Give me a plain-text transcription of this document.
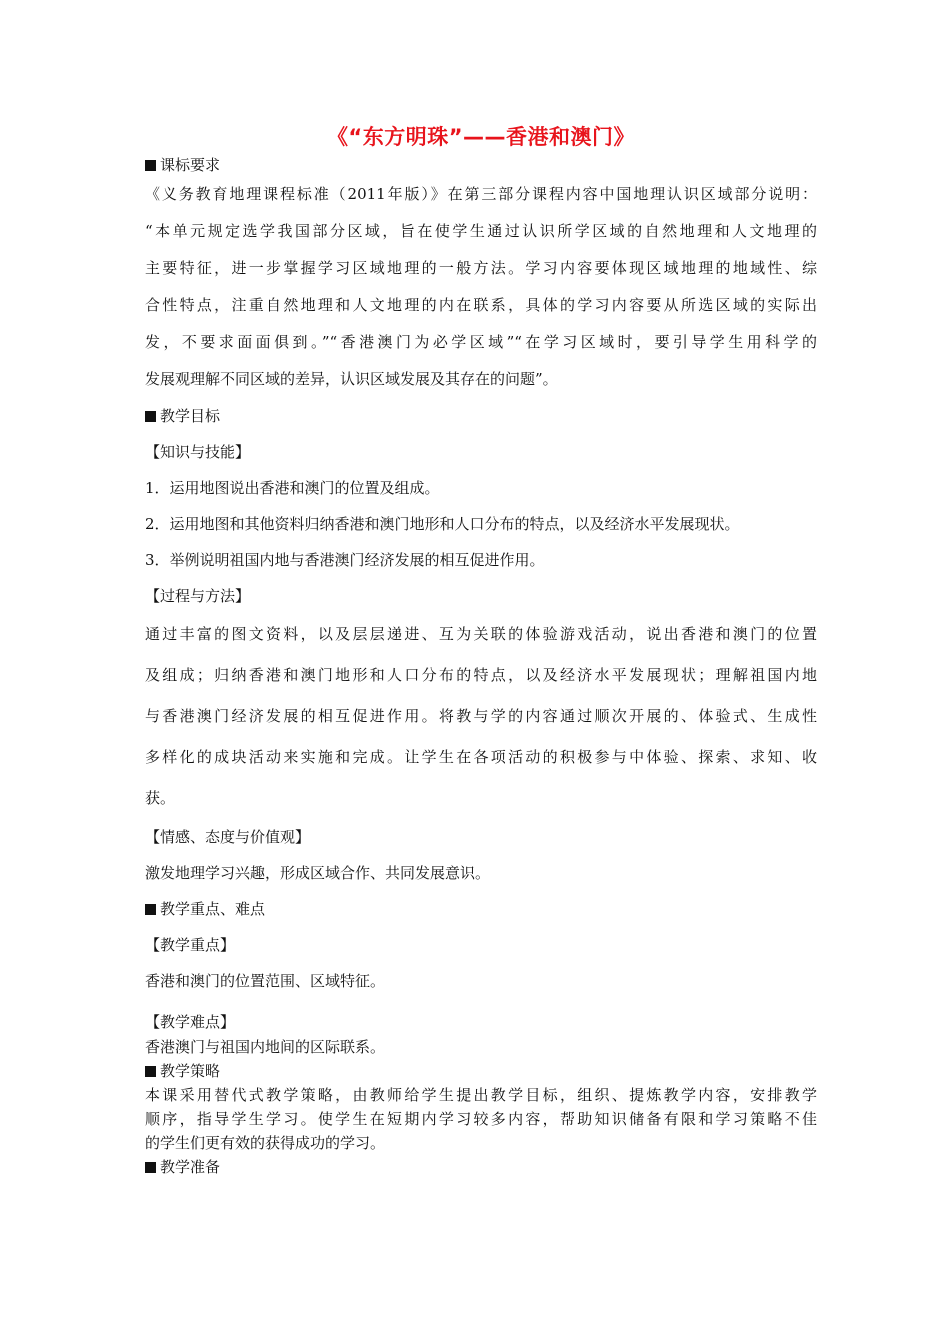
《“东方明珠”——香港和澳门》
课标要求
《义务教育地理课程标准（2011年版）》在第三部分课程内容中国地理认识区域部分说明：
“本单元规定选学我国部分区域，旨在使学生通过认识所学区域的自然地理和人文地理的
主要特征，进一步掌握学习区域地理的一般方法。学习内容要体现区域地理的地域性、综
合性特点，注重自然地理和人文地理的内在联系，具体的学习内容要从所选区域的实际出
发，不要求面面俱到。”“香港澳门为必学区域”“在学习区域时，要引导学生用科学的
发展观理解不同区域的差异，认识区域发展及其存在的问题”。
教学目标
【知识与技能】
1．运用地图说出香港和澳门的位置及组成。
2．运用地图和其他资料归纳香港和澳门地形和人口分布的特点，以及经济水平发展现状。
3．举例说明祖国内地与香港澳门经济发展的相互促进作用。
【过程与方法】
通过丰富的图文资料，以及层层递进、互为关联的体验游戏活动，说出香港和澳门的位置
及组成；归纳香港和澳门地形和人口分布的特点，以及经济水平发展现状；理解祖国内地
与香港澳门经济发展的相互促进作用。将教与学的内容通过顺次开展的、体验式、生成性
多样化的成块活动来实施和完成。让学生在各项活动的积极参与中体验、探索、求知、收
获。
【情感、态度与价值观】
激发地理学习兴趣，形成区域合作、共同发展意识。
教学重点、难点
【教学重点】
香港和澳门的位置范围、区域特征。
【教学难点】
香港澳门与祖国内地间的区际联系。
教学策略
本课采用替代式教学策略，由教师给学生提出教学目标，组织、提炼教学内容，安排教学
顺序，指导学生学习。使学生在短期内学习较多内容，帮助知识储备有限和学习策略不佳
的学生们更有效的获得成功的学习。
教学准备
